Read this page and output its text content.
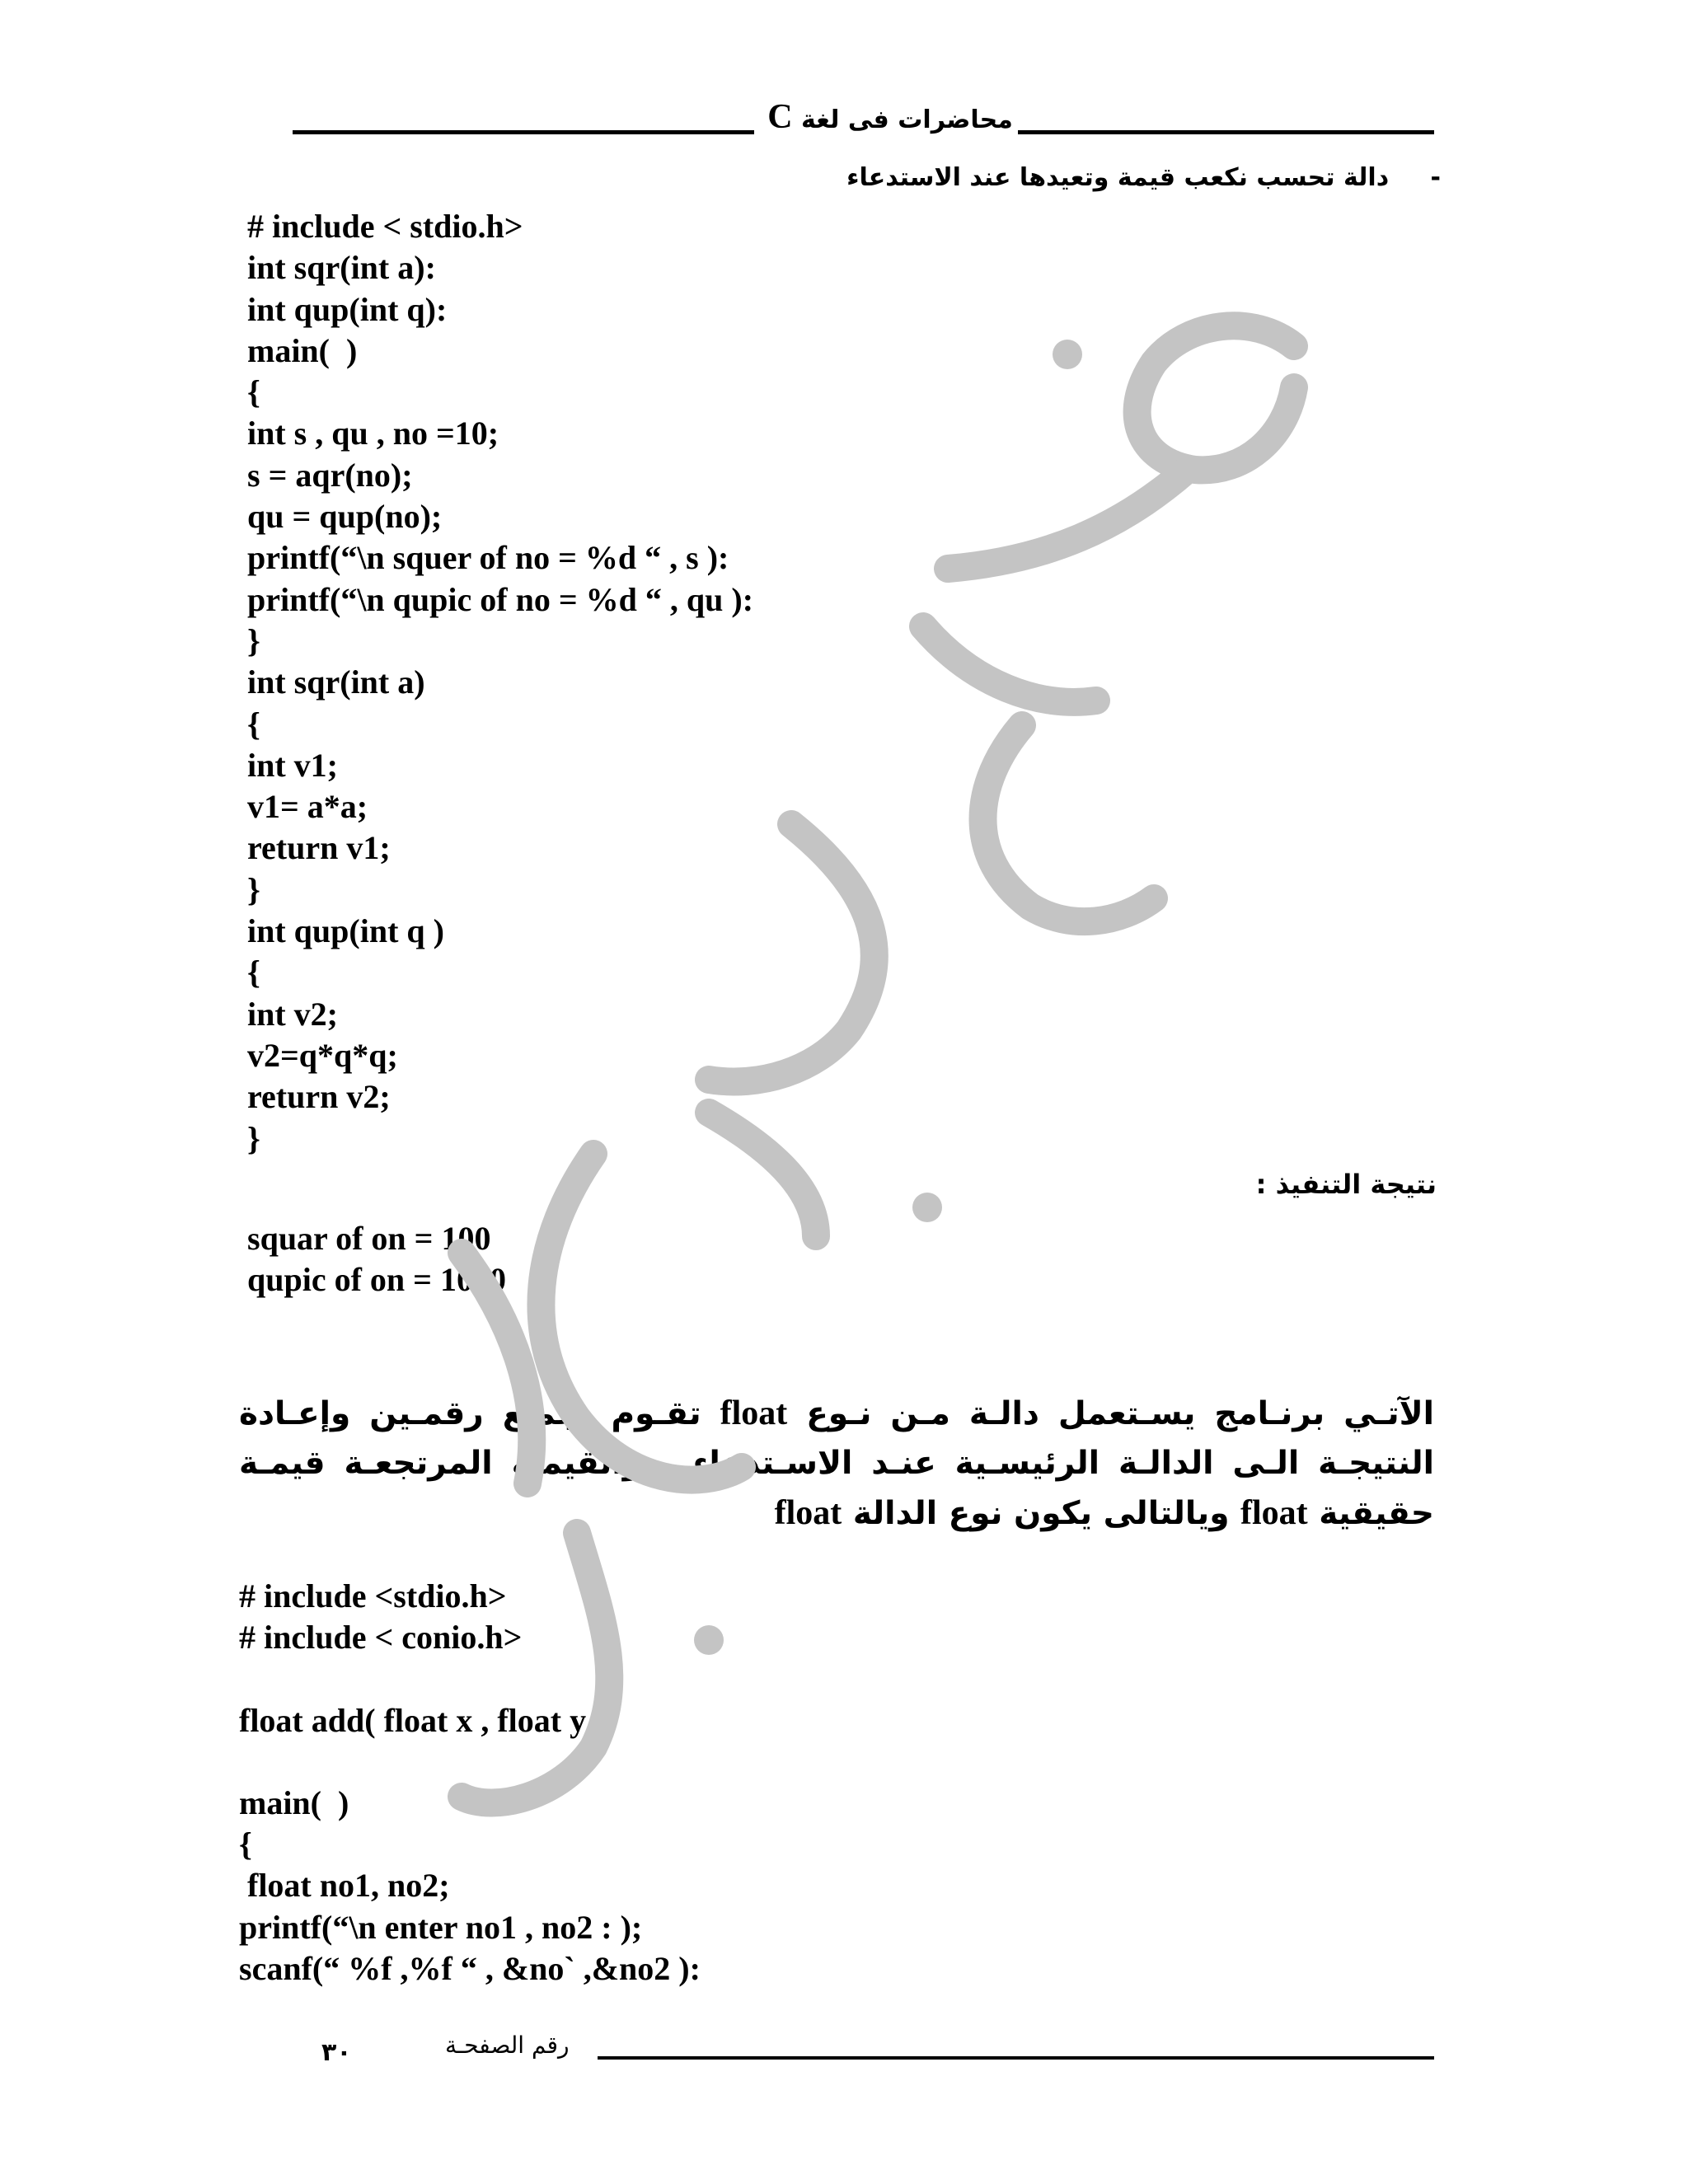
محاضرات فى لغة C
- دالة تحسب نكعب قيمة وتعيدها عند الاستدعاء
# include < stdio.h>
int sqr(int a):
int qup(int q):
main(  )
{
int s , qu , no =10;
s = aqr(no);
qu = qup(no);
printf(“\n squer of no = %d “ , s ):
printf(“\n qupic of no = %d “ , qu ):
}
int sqr(int a)
{
int v1;
v1= a*a;
return v1;
}
int qup(int q )
{
int v2;
v2=q*q*q;
return v2;
}
نتيجة التنفيذ :
squar of on = 100
qupic of on = 1000
الآتـي برنـامج يسـتعمل دالـة مـن نـوع float تقـوم بجمـع رقمـين وإعـادة النتيجـة الـى الدالـة الرئيسـية عنـد الاسـتدعاء . والقيمـة المرتجعـة قيمـة حقيقية float ويالتالى يكون نوع الدالة float
# include <stdio.h>
# include < conio.h>
float add( float x , float y )
main(  )
{
float no1, no2;
printf(“\n enter no1 , no2 : );
scanf(“ %f ,%f “ , &no` ,&no2 ):
٣٠	رقم الصفحـة
